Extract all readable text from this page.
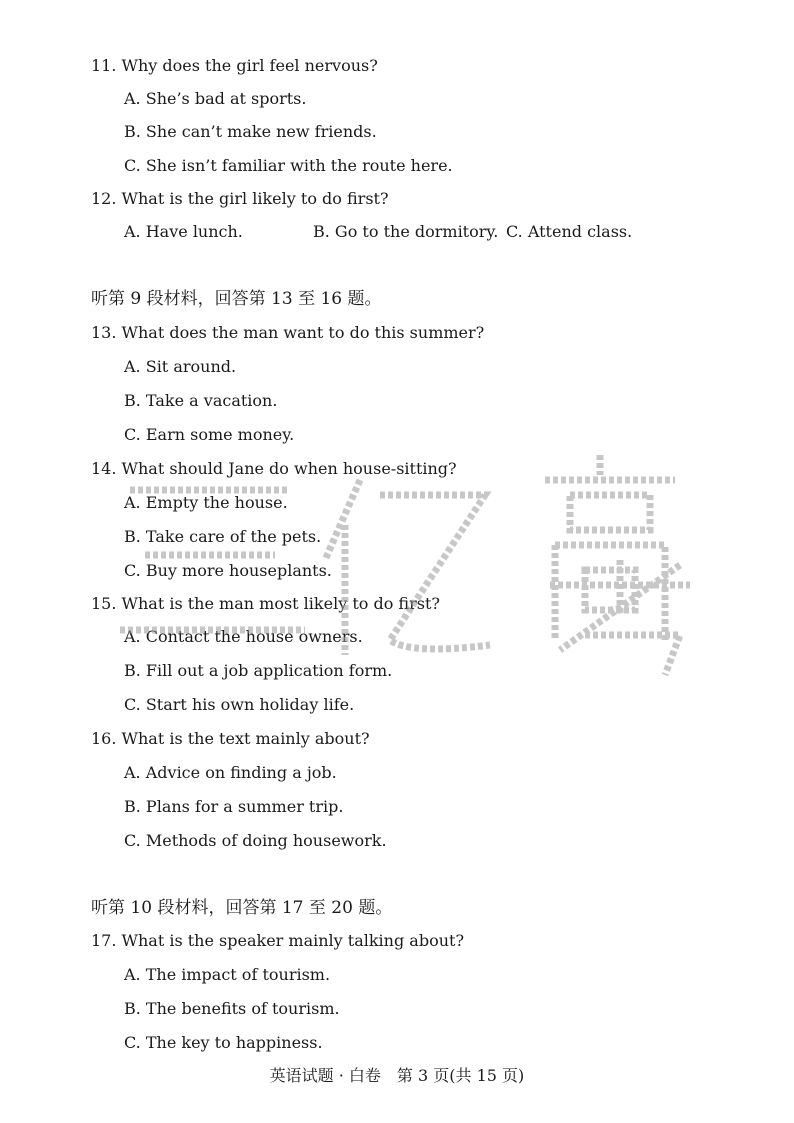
11. Why does the girl feel nervous?
A. She’s bad at sports.
B. She can’t make new friends.
C. She isn’t familiar with the route here.
12. What is the girl likely to do first?
A. Have lunch.	B. Go to the dormitory. C. Attend class.
听第 9 段材料，回答第 13 至 16 题。
13. What does the man want to do this summer?
A. Sit around.
B. Take a vacation.
C. Earn some money.
14. What should Jane do when house-sitting?
A. Empty the house.
B. Take care of the pets.
C. Buy more houseplants.
15. What is the man most likely to do first?
A. Contact the house owners.
B. Fill out a job application form.
C. Start his own holiday life.
16. What is the text mainly about?
A. Advice on finding a job.
B. Plans for a summer trip.
C. Methods of doing housework.
听第 10 段材料，回答第 17 至 20 题。
17. What is the speaker mainly talking about?
A. The impact of tourism.
B. The benefits of tourism.
C. The key to happiness.
英语试题 · 白卷　第 3 页(共 15 页)
